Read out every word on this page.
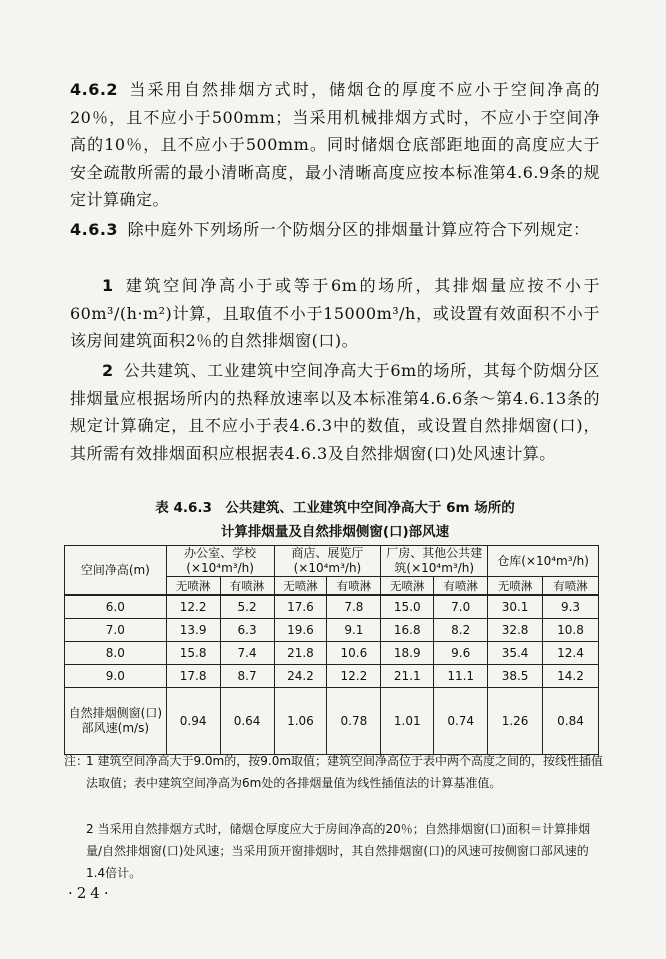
4.6.2 当采用自然排烟方式时，储烟仓的厚度不应小于空间净高的20％，且不应小于500mm；当采用机械排烟方式时，不应小于空间净高的10％，且不应小于500mm。同时储烟仓底部距地面的高度应大于安全疏散所需的最小清晰高度，最小清晰高度应按本标准第4.6.9条的规定计算确定。
4.6.3 除中庭外下列场所一个防烟分区的排烟量计算应符合下列规定：
1 建筑空间净高小于或等于6m的场所，其排烟量应按不小于60m³/(h·m²)计算，且取值不小于15000m³/h，或设置有效面积不小于该房间建筑面积2％的自然排烟窗(口)。
2 公共建筑、工业建筑中空间净高大于6m的场所，其每个防烟分区排烟量应根据场所内的热释放速率以及本标准第4.6.6条～第4.6.13条的规定计算确定，且不应小于表4.6.3中的数值，或设置自然排烟窗(口)，其所需有效排烟面积应根据表4.6.3及自然排烟窗(口)处风速计算。
表 4.6.3　公共建筑、工业建筑中空间净高大于 6m 场所的
计算排烟量及自然排烟侧窗(口)部风速
空间净高(m)	办公室、学校(×10⁴m³/h)		商店、展览厅(×10⁴m³/h)		厂房、其他公共建筑(×10⁴m³/h)		仓库(×10⁴m³/h)	
	无喷淋	有喷淋	无喷淋	有喷淋	无喷淋	有喷淋	无喷淋	有喷淋
6.0	12.2	5.2	17.6	7.8	15.0	7.0	30.1	9.3
7.0	13.9	6.3	19.6	9.1	16.8	8.2	32.8	10.8
8.0	15.8	7.4	21.8	10.6	18.9	9.6	35.4	12.4
9.0	17.8	8.7	24.2	12.2	21.1	11.1	38.5	14.2
自然排烟侧窗(口)部风速(m/s)	0.94	0.64	1.06	0.78	1.01	0.74	1.26	0.84
注：
1 建筑空间净高大于9.0m的，按9.0m取值；建筑空间净高位于表中两个高度之间的，按线性插值法取值；表中建筑空间净高为6m处的各排烟量值为线性插值法的计算基准值。
2 当采用自然排烟方式时，储烟仓厚度应大于房间净高的20％；自然排烟窗(口)面积＝计算排烟量/自然排烟窗(口)处风速；当采用顶开窗排烟时，其自然排烟窗(口)的风速可按侧窗口部风速的1.4倍计。
·24·
